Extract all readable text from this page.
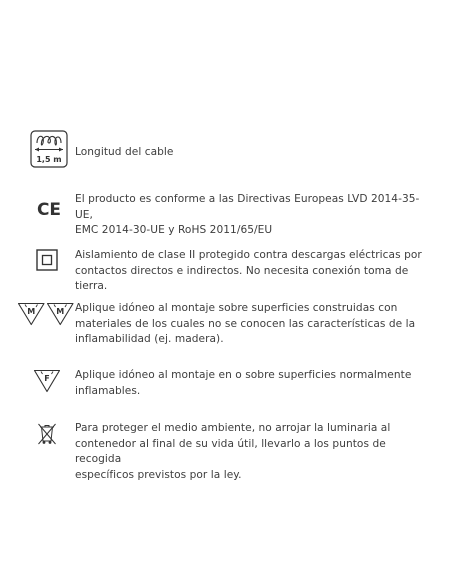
1,5 m

Longitud del cable

CE

El producto es conforme a las Directivas Europeas LVD 2014-35-UE,

EMC 2014-30-UE y RoHS 2011/65/EU

Aislamiento de clase II protegido contra descargas eléctricas por

contactos directos e indirectos. No necesita conexión toma de tierra.

M	M Aplique idóneo al montaje sobre superficies construidas con

materiales de los cuales no se conocen las características de la

inflamabilidad (ej. madera).

F Aplique idóneo al montaje en o sobre superficies normalmente

inflamables.

Para proteger el medio ambiente, no arrojar la luminaria al

contenedor al final de su vida útil, llevarlo a los puntos de recogida

específicos previstos por la ley.
